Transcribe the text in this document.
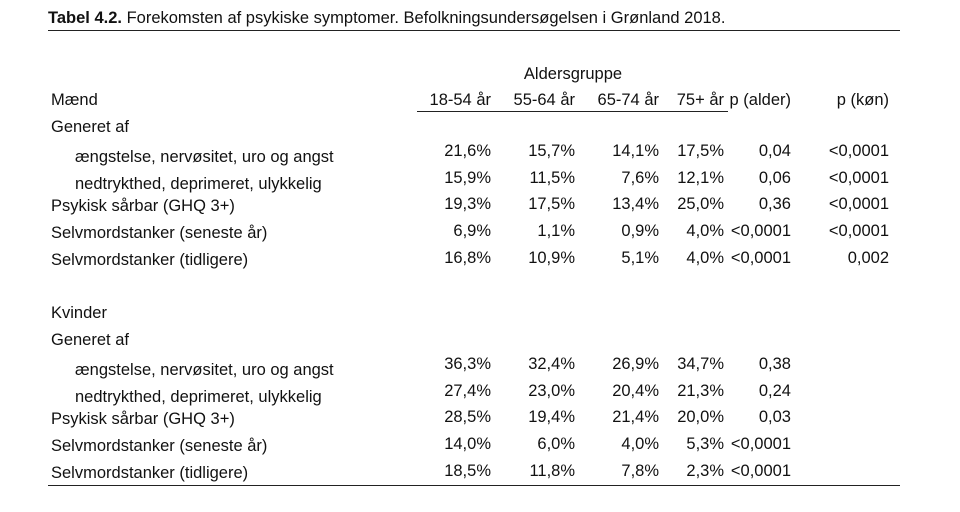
Tabel 4.2. Forekomsten af psykiske symptomer. Befolkningsundersøgelsen i Grønland 2018.
Aldersgruppe
18-54 år	55-64 år	65-74 år	75+ år p (alder)	p (køn)
Mænd
Generet af
ængstelse, nervøsitet, uro og angst	21,6%	15,7%	14,1%	17,5%	0,04	<0,0001
nedtrykthed, deprimeret, ulykkelig	15,9%	11,5%	7,6%	12,1%	0,06	<0,0001
Psykisk sårbar (GHQ 3+)	19,3%	17,5%	13,4%	25,0%	0,36	<0,0001
Selvmordstanker (seneste år)	6,9%	1,1%	0,9%	4,0% <0,0001	<0,0001
Selvmordstanker (tidligere)	16,8%	10,9%	5,1%	4,0% <0,0001	0,002
Kvinder
Generet af
ængstelse, nervøsitet, uro og angst	36,3%	32,4%	26,9%	34,7%	0,38
nedtrykthed, deprimeret, ulykkelig	27,4%	23,0%	20,4%	21,3%	0,24
Psykisk sårbar (GHQ 3+)	28,5%	19,4%	21,4%	20,0%	0,03
Selvmordstanker (seneste år)	14,0%	6,0%	4,0%	5,3% <0,0001
Selvmordstanker (tidligere)	18,5%	11,8%	7,8%	2,3% <0,0001
